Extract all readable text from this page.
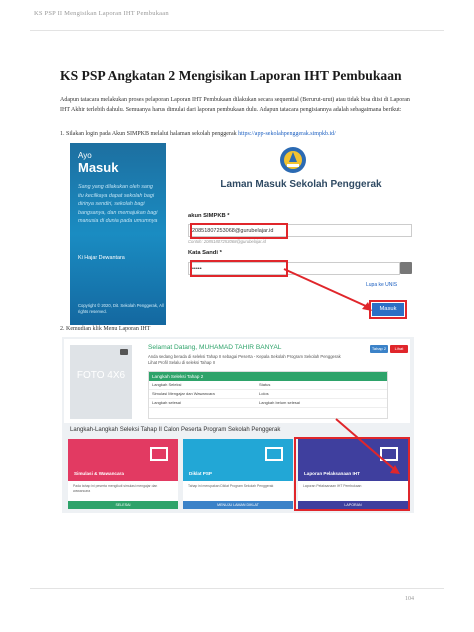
KS PSP II Mengisikan Laporan IHT Pembukaan
KS PSP Angkatan 2 Mengisikan Laporan IHT Pembukaan
Adapun tatacara melakukan proses pelaporan Laporan IHT Pembukaan dilakukan secara sequential (Berurut-urut) atau tidak bisa diisi di Laporan IHT Akhir terlebih dahulu. Semuanya harus dimulai dari laporan pembukaan dulu. Adapun tatacara pengisiannya adalah sebagaimana berikut:
1. Silakan login pada Akun SIMPKB melalui halaman sekolah penggerak https://app-sekolahpenggerak.simpkb.id/
Ayo
Masuk
Sang yang dilakukan oleh sang itu kecilkaya dapat sekolah bagi dirinya sendiri, sekolah bagi bangsanya, dan memajukan bagi manusia di dunia pada umumnya
Ki Hajar Dewantara
Copyright © 2020, Dit. Sekolah Penggerak, All rights reserved.
Laman Masuk Sekolah Penggerak
akun SIMPKB *
20851807253068@gurubelajar.id
Contoh: 20851807253068@gurubelajar.id
Kata Sandi *
•••••
Lupa ke UNIS
Masuk
2. Kemudian klik Menu Laporan IHT
FOTO 4X6
Selamat Datang, MUHAMAD TAHIR BANYAL
Anda sedang berada di seleksi Tahap II sebagai Peserta - Kepala Sekolah Program Sekolah Penggerak
Lihat Profil Selalu di seleksi Tahap II
Tahap 2	Lihat Profil
Langkah Seleksi Tahap 2
Langkah Seleksi	Status
Simulasi Mengajar dan Wawancara	Lolos
Langkah selesai	Langkah belum selesai
Langkah-Langkah Seleksi Tahap II Calon Peserta Program Sekolah Penggerak
Simulasi & Wawancara
Pada tahap ini peserta mengikuti simulasi mengajar dan wawancara
SELESAI
Diklat PSP
Tahap ini merupakan Diklat Program Sekolah Penggerak
MENUJU LAMAN DIKLAT
Laporan Pelaksanaan IHT
Laporan Pelaksanaan IHT Pembukaan
LAPORAN
104
